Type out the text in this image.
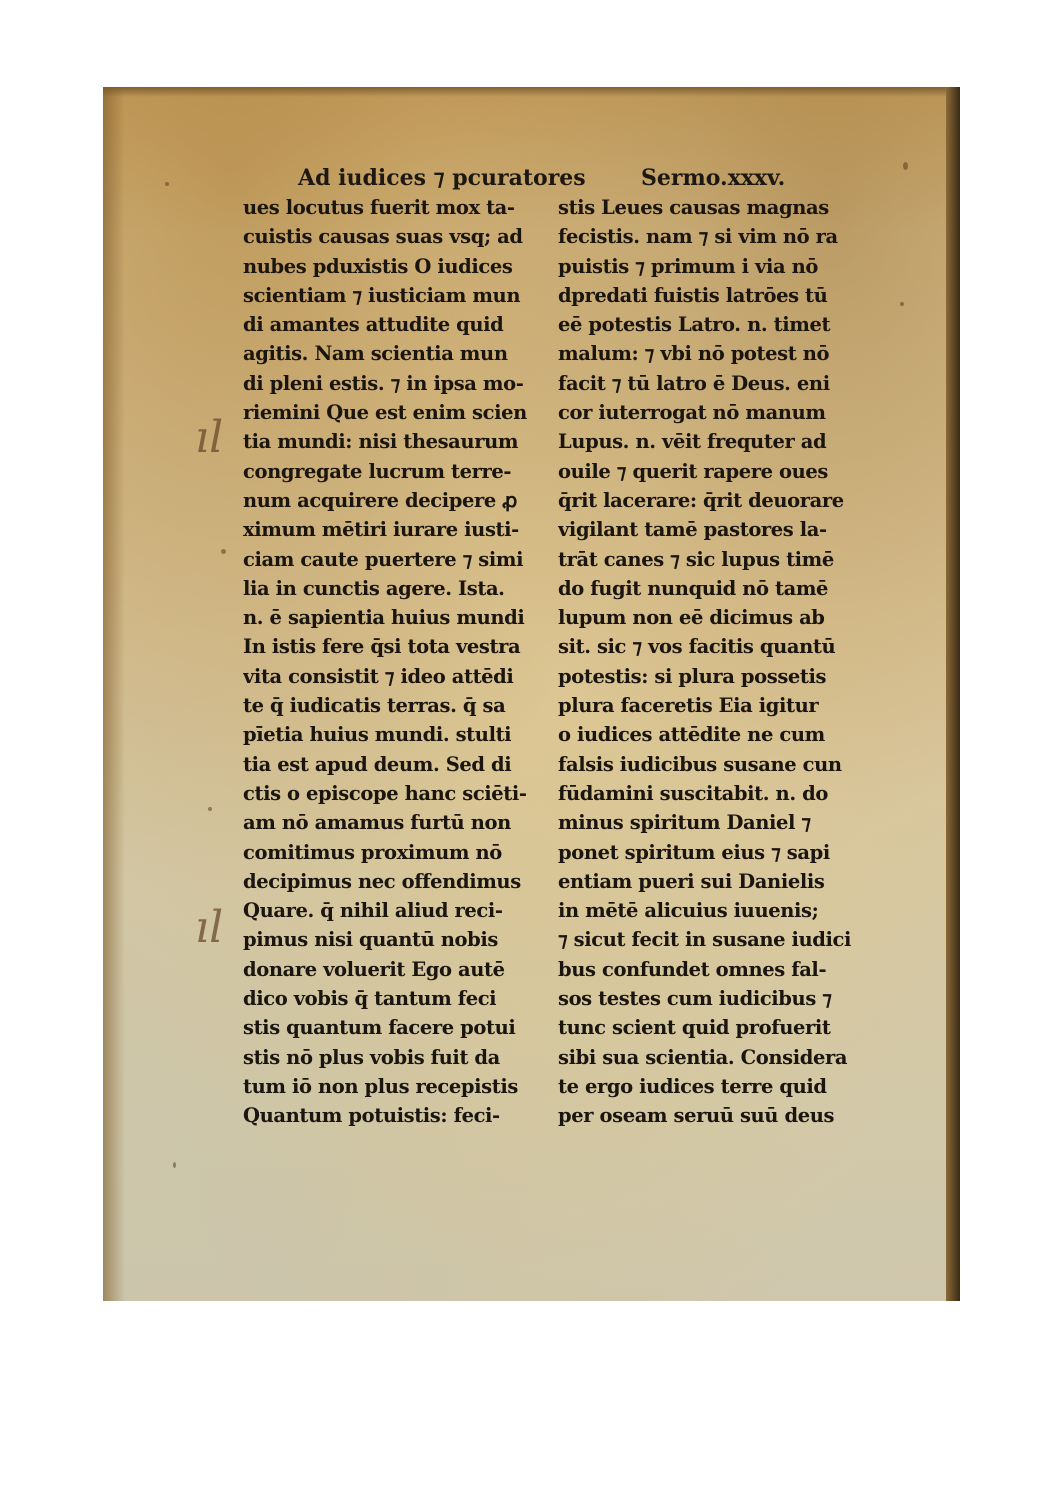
ıl
ıl
Ad iudices ⁊ pcuratores	Sermo.xxxv.
ues locutus fuerit mox ta-
cuistis causas suas vsq; ad
nubes pduxistis O iudices
scientiam ⁊ iusticiam mun
di amantes attudite quid
agitis. Nam scientia mun
di pleni estis. ⁊ in ipsa mo-
riemini Que est enim scien
tia mundi: nisi thesaurum
congregate lucrum terre-
num acquirere decipere ꝓ
ximum mētiri iurare iusti-
ciam caute puertere ⁊ simi
lia in cunctis agere. Ista.
n. ē sapientia huius mundi
In istis fere q̄si tota vestra
vita consistit ⁊ ideo attēdi
te q̄ iudicatis terras. q̄ sa
pīetia huius mundi. stulti
tia est apud deum. Sed di
ctis o episcope hanc sciēti-
am nō amamus furtū non
comitimus proximum nō
decipimus nec offendimus
Quare. q̄ nihil aliud reci-
pimus nisi quantū nobis
donare voluerit Ego autē
dico vobis q̄ tantum feci
stis quantum facere potui
stis nō plus vobis fuit da
tum iō non plus recepistis
Quantum potuistis: feci-
stis Leues causas magnas
fecistis. nam ⁊ si vim nō ra
puistis ⁊ primum i via nō
dpredati fuistis latrōes tū
eē potestis Latro. n. timet
malum: ⁊ vbi nō potest nō
facit ⁊ tū latro ē Deus. eni
cor iuterrogat nō manum
Lupus. n. vēit frequter ad
ouile ⁊ querit rapere oues
q̄rit lacerare: q̄rit deuorare
vigilant tamē pastores la-
trāt canes ⁊ sic lupus timē
do fugit nunquid nō tamē
lupum non eē dicimus ab
sit. sic ⁊ vos facitis quantū
potestis: si plura possetis
plura faceretis Eia igitur
o iudices attēdite ne cum
falsis iudicibus susane cun
fūdamini suscitabit. n. do
minus spiritum Daniel ⁊
ponet spiritum eius ⁊ sapi
entiam pueri sui Danielis
in mētē alicuius iuuenis;
⁊ sicut fecit in susane iudici
bus confundet omnes fal-
sos testes cum iudicibus ⁊
tunc scient quid profuerit
sibi sua scientia. Considera
te ergo iudices terre quid
per oseam seruū suū deus
